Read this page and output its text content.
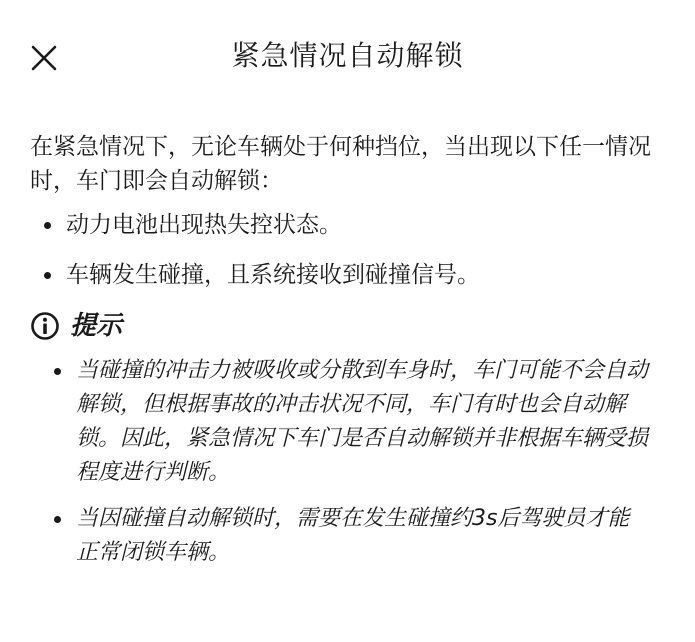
紧急情况自动解锁

在紧急情况下，无论车辆处于何种挡位，当出现以下任一情况时，车门即会自动解锁：

动力电池出现热失控状态。
车辆发生碰撞，且系统接收到碰撞信号。
提示
当碰撞的冲击力被吸收或分散到车身时，车门可能不会自动解锁，但根据事故的冲击状况不同，车门有时也会自动解锁。因此，紧急情况下车门是否自动解锁并非根据车辆受损程度进行判断。
当因碰撞自动解锁时，需要在发生碰撞约3s后驾驶员才能正常闭锁车辆。
